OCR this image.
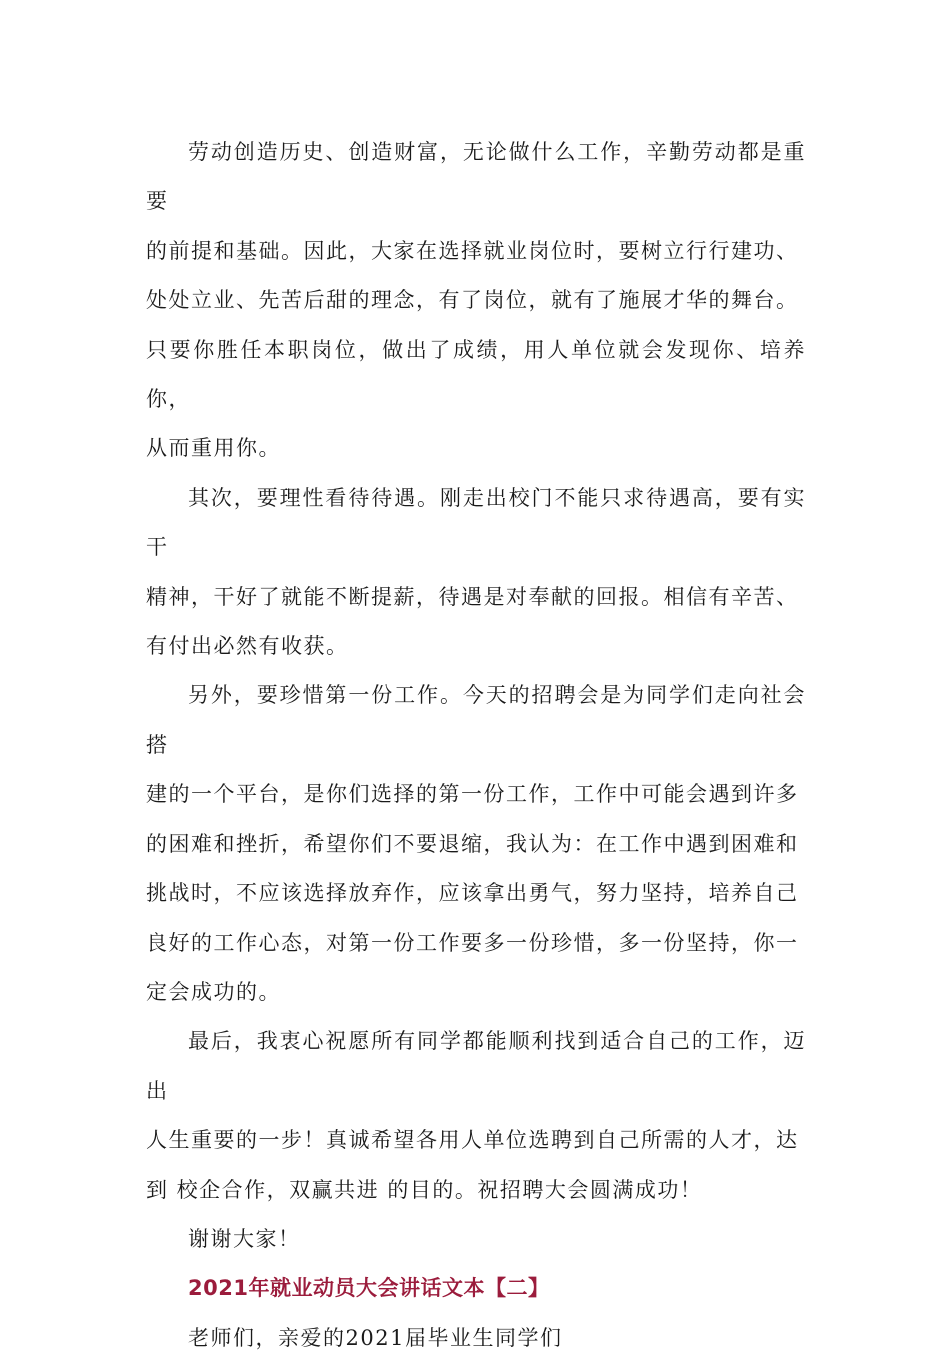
劳动创造历史、创造财富，无论做什么工作，辛勤劳动都是重要
的前提和基础。因此，大家在选择就业岗位时，要树立行行建功、
处处立业、先苦后甜的理念，有了岗位，就有了施展才华的舞台。
只要你胜任本职岗位，做出了成绩，用人单位就会发现你、培养你，
从而重用你。

其次，要理性看待待遇。刚走出校门不能只求待遇高，要有实干
精神，干好了就能不断提薪，待遇是对奉献的回报。相信有辛苦、
有付出必然有收获。

另外，要珍惜第一份工作。今天的招聘会是为同学们走向社会搭
建的一个平台，是你们选择的第一份工作，工作中可能会遇到许多
的困难和挫折，希望你们不要退缩，我认为：在工作中遇到困难和
挑战时，不应该选择放弃作，应该拿出勇气，努力坚持，培养自己
良好的工作心态，对第一份工作要多一份珍惜，多一份坚持，你一
定会成功的。

最后，我衷心祝愿所有同学都能顺利找到适合自己的工作，迈出
人生重要的一步！真诚希望各用人单位选聘到自己所需的人才，达
到 校企合作，双赢共进 的目的。祝招聘大会圆满成功！

谢谢大家！

2021年就业动员大会讲话文本【二】

老师们，亲爱的2021届毕业生同学们
